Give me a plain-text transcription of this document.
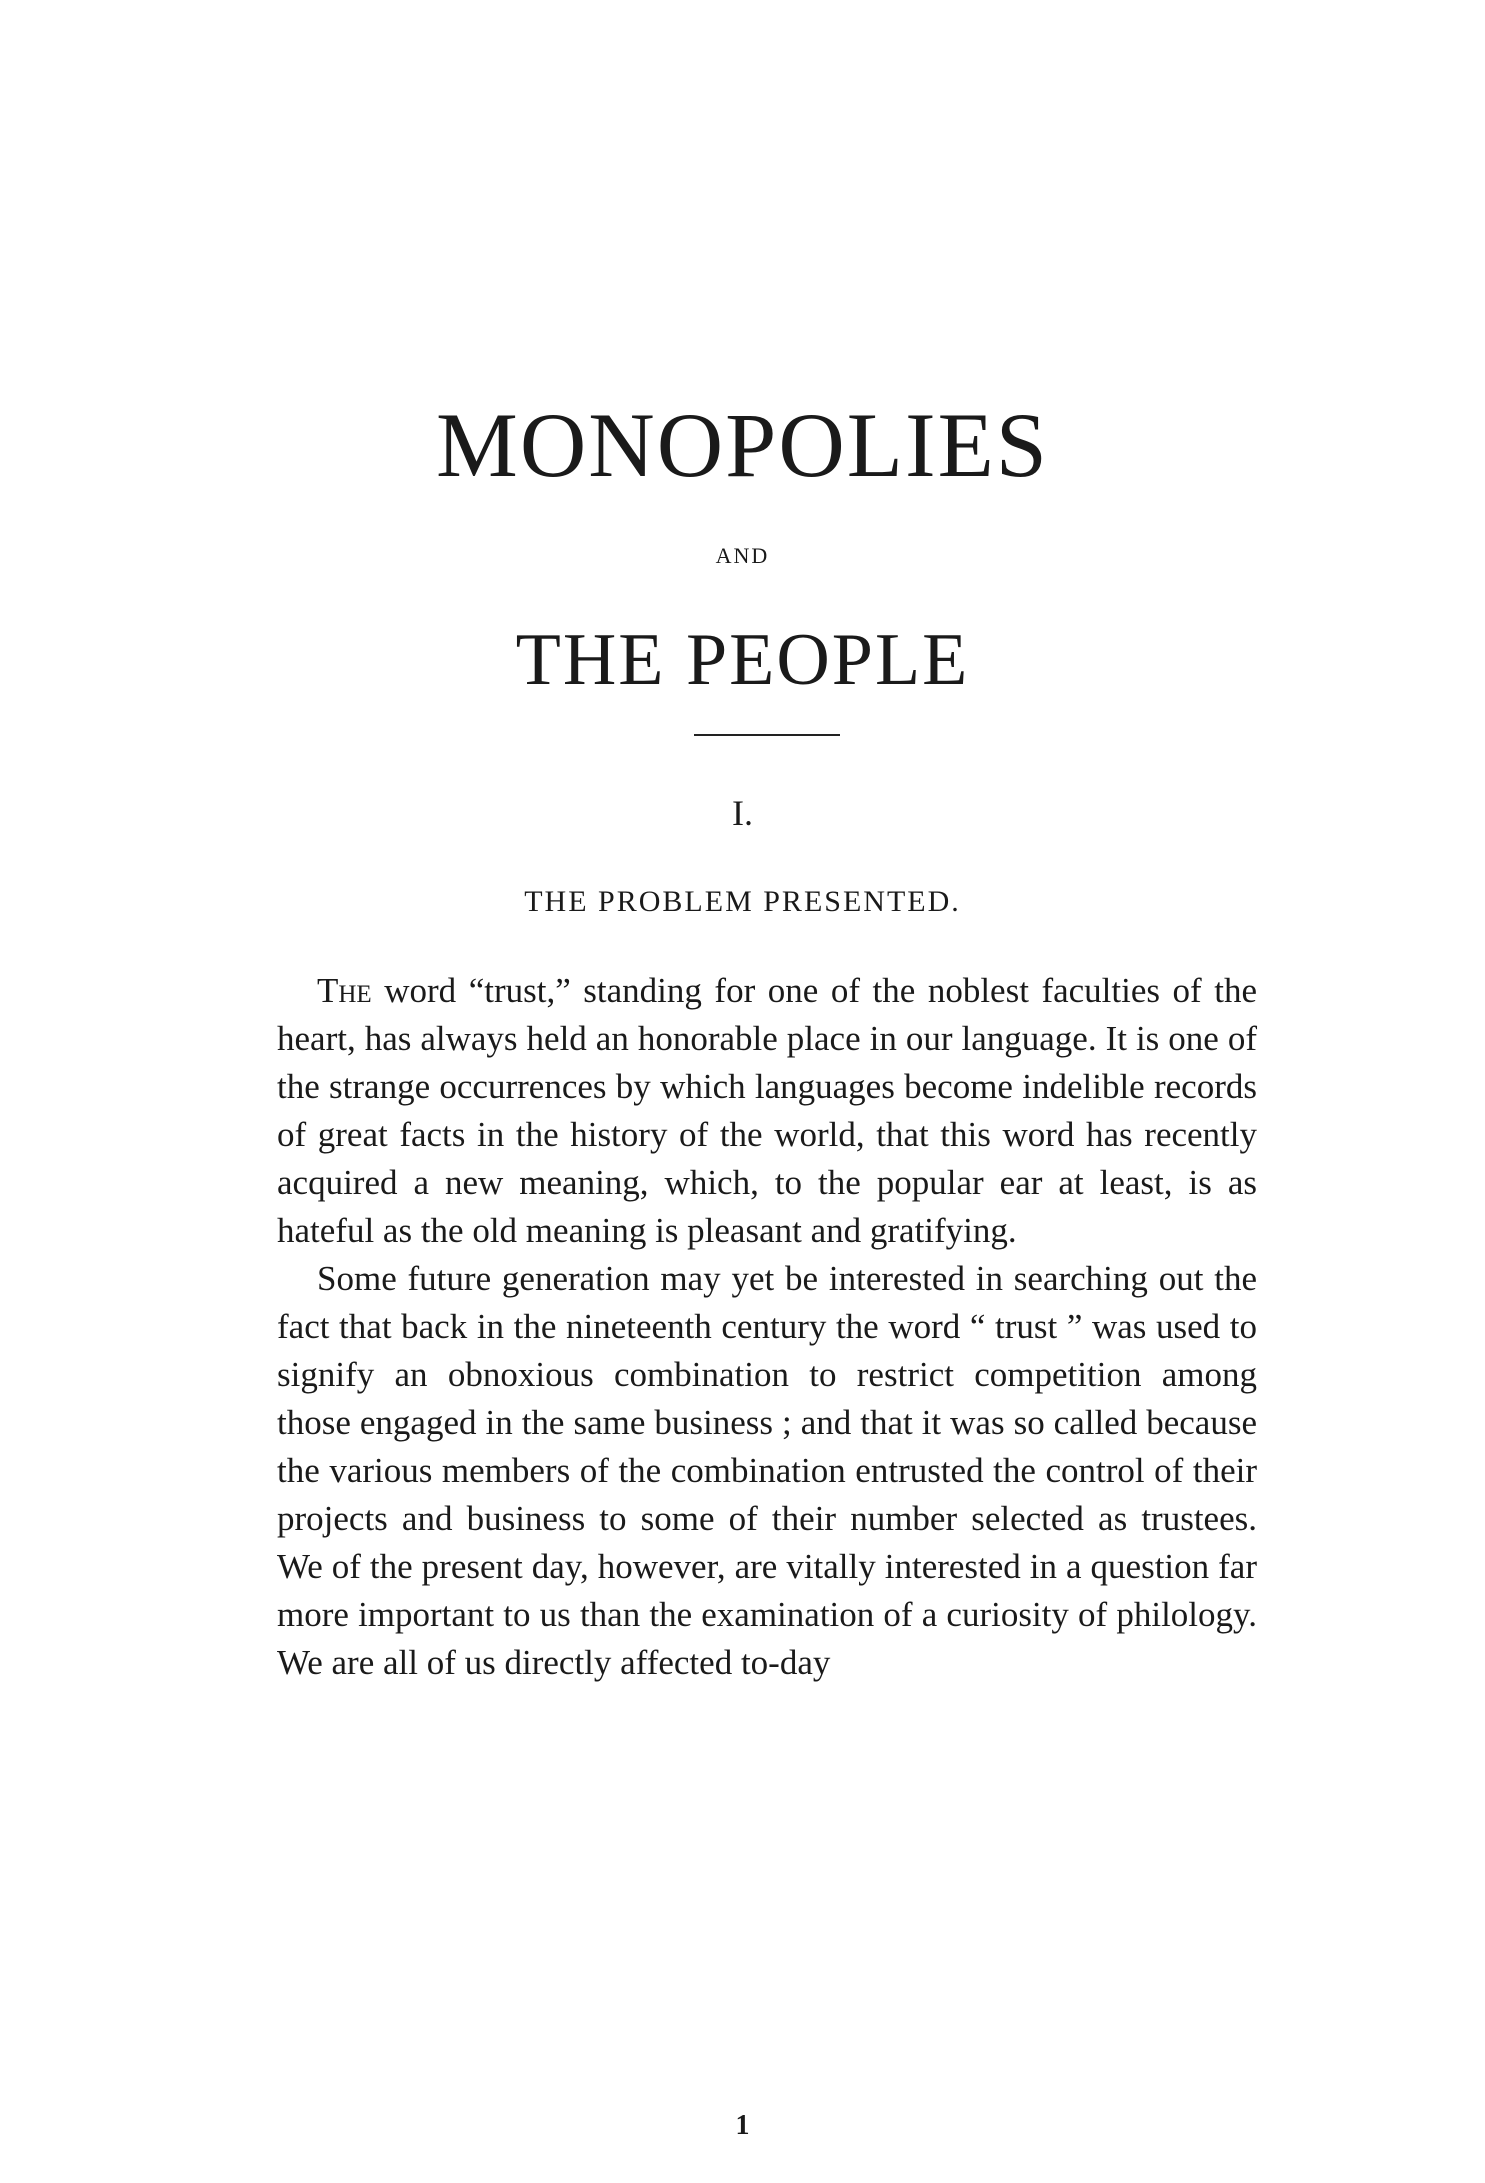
MONOPOLIES
AND
THE PEOPLE
I.
THE PROBLEM PRESENTED.

The word “trust,” standing for one of the noblest faculties of the heart, has always held an honorable place in our language. It is one of the strange occurrences by which languages become indelible records of great facts in the history of the world, that this word has recently acquired a new meaning, which, to the popular ear at least, is as hateful as the old meaning is pleasant and gratifying.

Some future generation may yet be interested in searching out the fact that back in the nineteenth century the word “ trust ” was used to signify an obnoxious combination to restrict competition among those engaged in the same business ; and that it was so called because the various members of the combination entrusted the control of their projects and business to some of their number selected as trustees. We of the present day, however, are vitally interested in a question far more important to us than the examination of a curiosity of philology. We are all of us directly affected to-day

1
